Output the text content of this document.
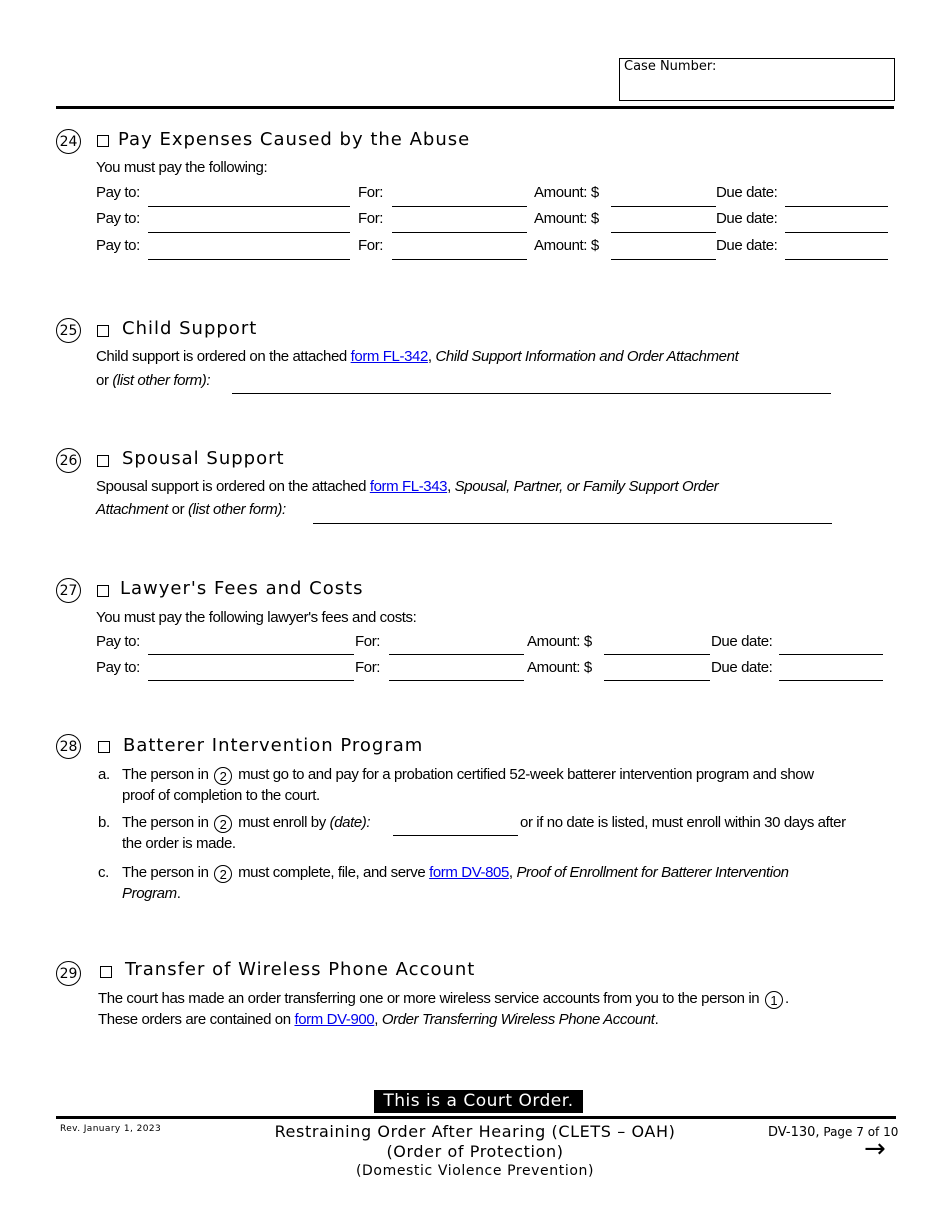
Case Number:
24 Pay Expenses Caused by the Abuse
You must pay the following:
Pay to:	For:	Amount: $	Due date:
Pay to:	For:	Amount: $	Due date:
Pay to:	For:	Amount: $	Due date:
25 Child Support
Child support is ordered on the attached form FL-342, Child Support Information and Order Attachment
or (list other form):
26 Spousal Support
Spousal support is ordered on the attached form FL-343, Spousal, Partner, or Family Support Order
Attachment or (list other form):
27 Lawyer's Fees and Costs
You must pay the following lawyer's fees and costs:
Pay to:	For:	Amount: $	Due date:
Pay to:	For:	Amount: $	Due date:
28	Batterer Intervention Program
a. The person in 2 must go to and pay for a probation certified 52-week batterer intervention program and show
proof of completion to the court.
b. The person in 2 must enroll by (date):	or if no date is listed, must enroll within 30 days after
the order is made.
c. The person in 2 must complete, file, and serve form DV-805, Proof of Enrollment for Batterer Intervention
Program.
29	Transfer of Wireless Phone Account
The court has made an order transferring one or more wireless service accounts from you to the person in 1 .
These orders are contained on form DV-900, Order Transferring Wireless Phone Account.
This is a Court Order.
Rev. January 1, 2023	Restraining Order After Hearing (CLETS – OAH)
(Order of Protection)
(Domestic Violence Prevention)
DV-130, Page 7 of 10
→
